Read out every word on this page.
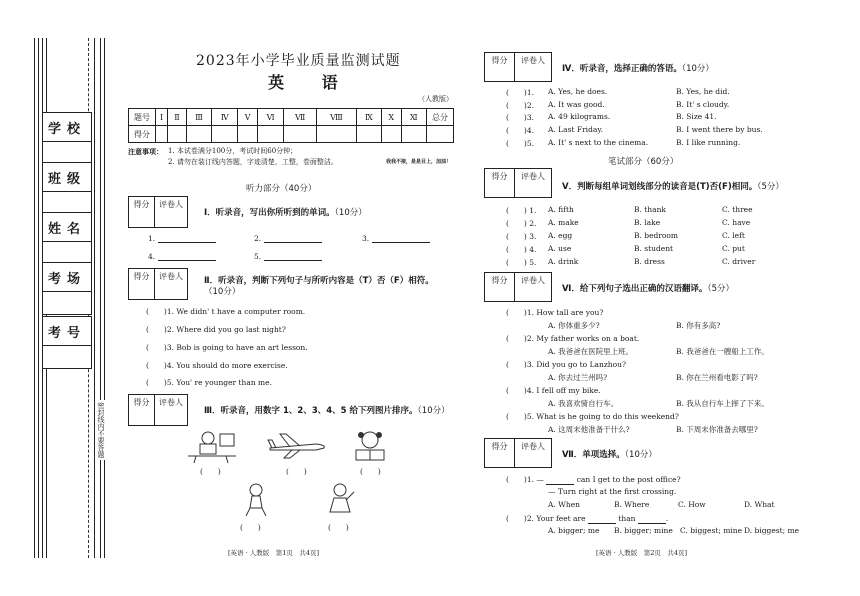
学校
班级
姓名
考场
考号
密封线内不要答题
2023年小学毕业质量监测试题
英 语
（人教版）
题号	Ⅰ	Ⅱ	Ⅲ	Ⅳ	Ⅴ	Ⅵ	Ⅶ	Ⅷ	Ⅸ	Ⅹ	Ⅺ	总分
得分												
注意事项： 1. 本试卷满分100分，考试时间60分钟；
2. 请勿在装订线内答题，字迹清楚，工整，卷面整洁。	我我不接，是是目上，加油！
听力部分（40分）
得分	评卷人
Ⅰ．听录音，写出你所听到的单词。（10分）
1.	2.	3.
4.	5.
得分	评卷人	Ⅱ．听录音，判断下列句子与所听内容是（T）否（F）相符。
（10分）
(　　)1. We didn' t have a computer room.
(　　)2. Where did you go last night?
(　　)3. Bob is going to have an art lesson.
(　　)4. You should do more exercise.
(　　)5. You' re younger than me.
得分	评卷人
Ⅲ．听录音，用数字 1、2、3、4、5 给下列图片排序。（10分）
(　　)	(　　)	(　　)
(　　)	(　　)
[英语 · 人教版　第1页　共4页]
得分	评卷人
Ⅳ．听录音，选择正确的答语。（10分）
(　　)1. A. Yes, he does.	B. Yes, he did.
(　　)2. A. It was good.	B. It' s cloudy.
(　　)3. A. 49 kilograms.	B. Size 41.
(　　)4. A. Last Friday.	B. I went there by bus.
(　　)5. A. It' s next to the cinema.	B. I like running.
笔试部分（60分）
得分	评卷人
Ⅴ．判断每组单词划线部分的读音是(T)否(F)相同。（5分）
(　　) 1. A. fifth	B. thank	C. three
(　　) 2. A. make	B. lake	C. have
(　　) 3. A. egg	B. bedroom	C. left
(　　) 4. A. use	B. student	C. put
(　　) 5. A. drink	B. dress	C. driver
得分	评卷人
Ⅵ．给下列句子选出正确的汉语翻译。（5分）
(　　)1. How tall are you?
A. 你体重多少?	B. 你有多高?
(　　)2. My father works on a boat.
A. 我爸爸在医院里上班。	B. 我爸爸在一艘船上工作。
(　　)3. Did you go to Lanzhou?
A. 你去过兰州吗?	B. 你在兰州看电影了吗?
(　　)4. I fell off my bike.
A. 我喜欢骑自行车。	B. 我从自行车上摔了下来。
(　　)5. What is he going to do this weekend?
A. 这周末他准备干什么?	B. 下周末你准备去哪里?
得分	评卷人
Ⅶ．单项选择。（10分）
(　　)1. —	can I get to the post office?
— Turn right at the first crossing.
A. When	B. Where	C. How	D. What
(　　)2. Your feet are	than	.
A. bigger; me B. bigger; mine C. biggest; mine D. biggest; me
[英语 · 人教版　第2页　共4页]
